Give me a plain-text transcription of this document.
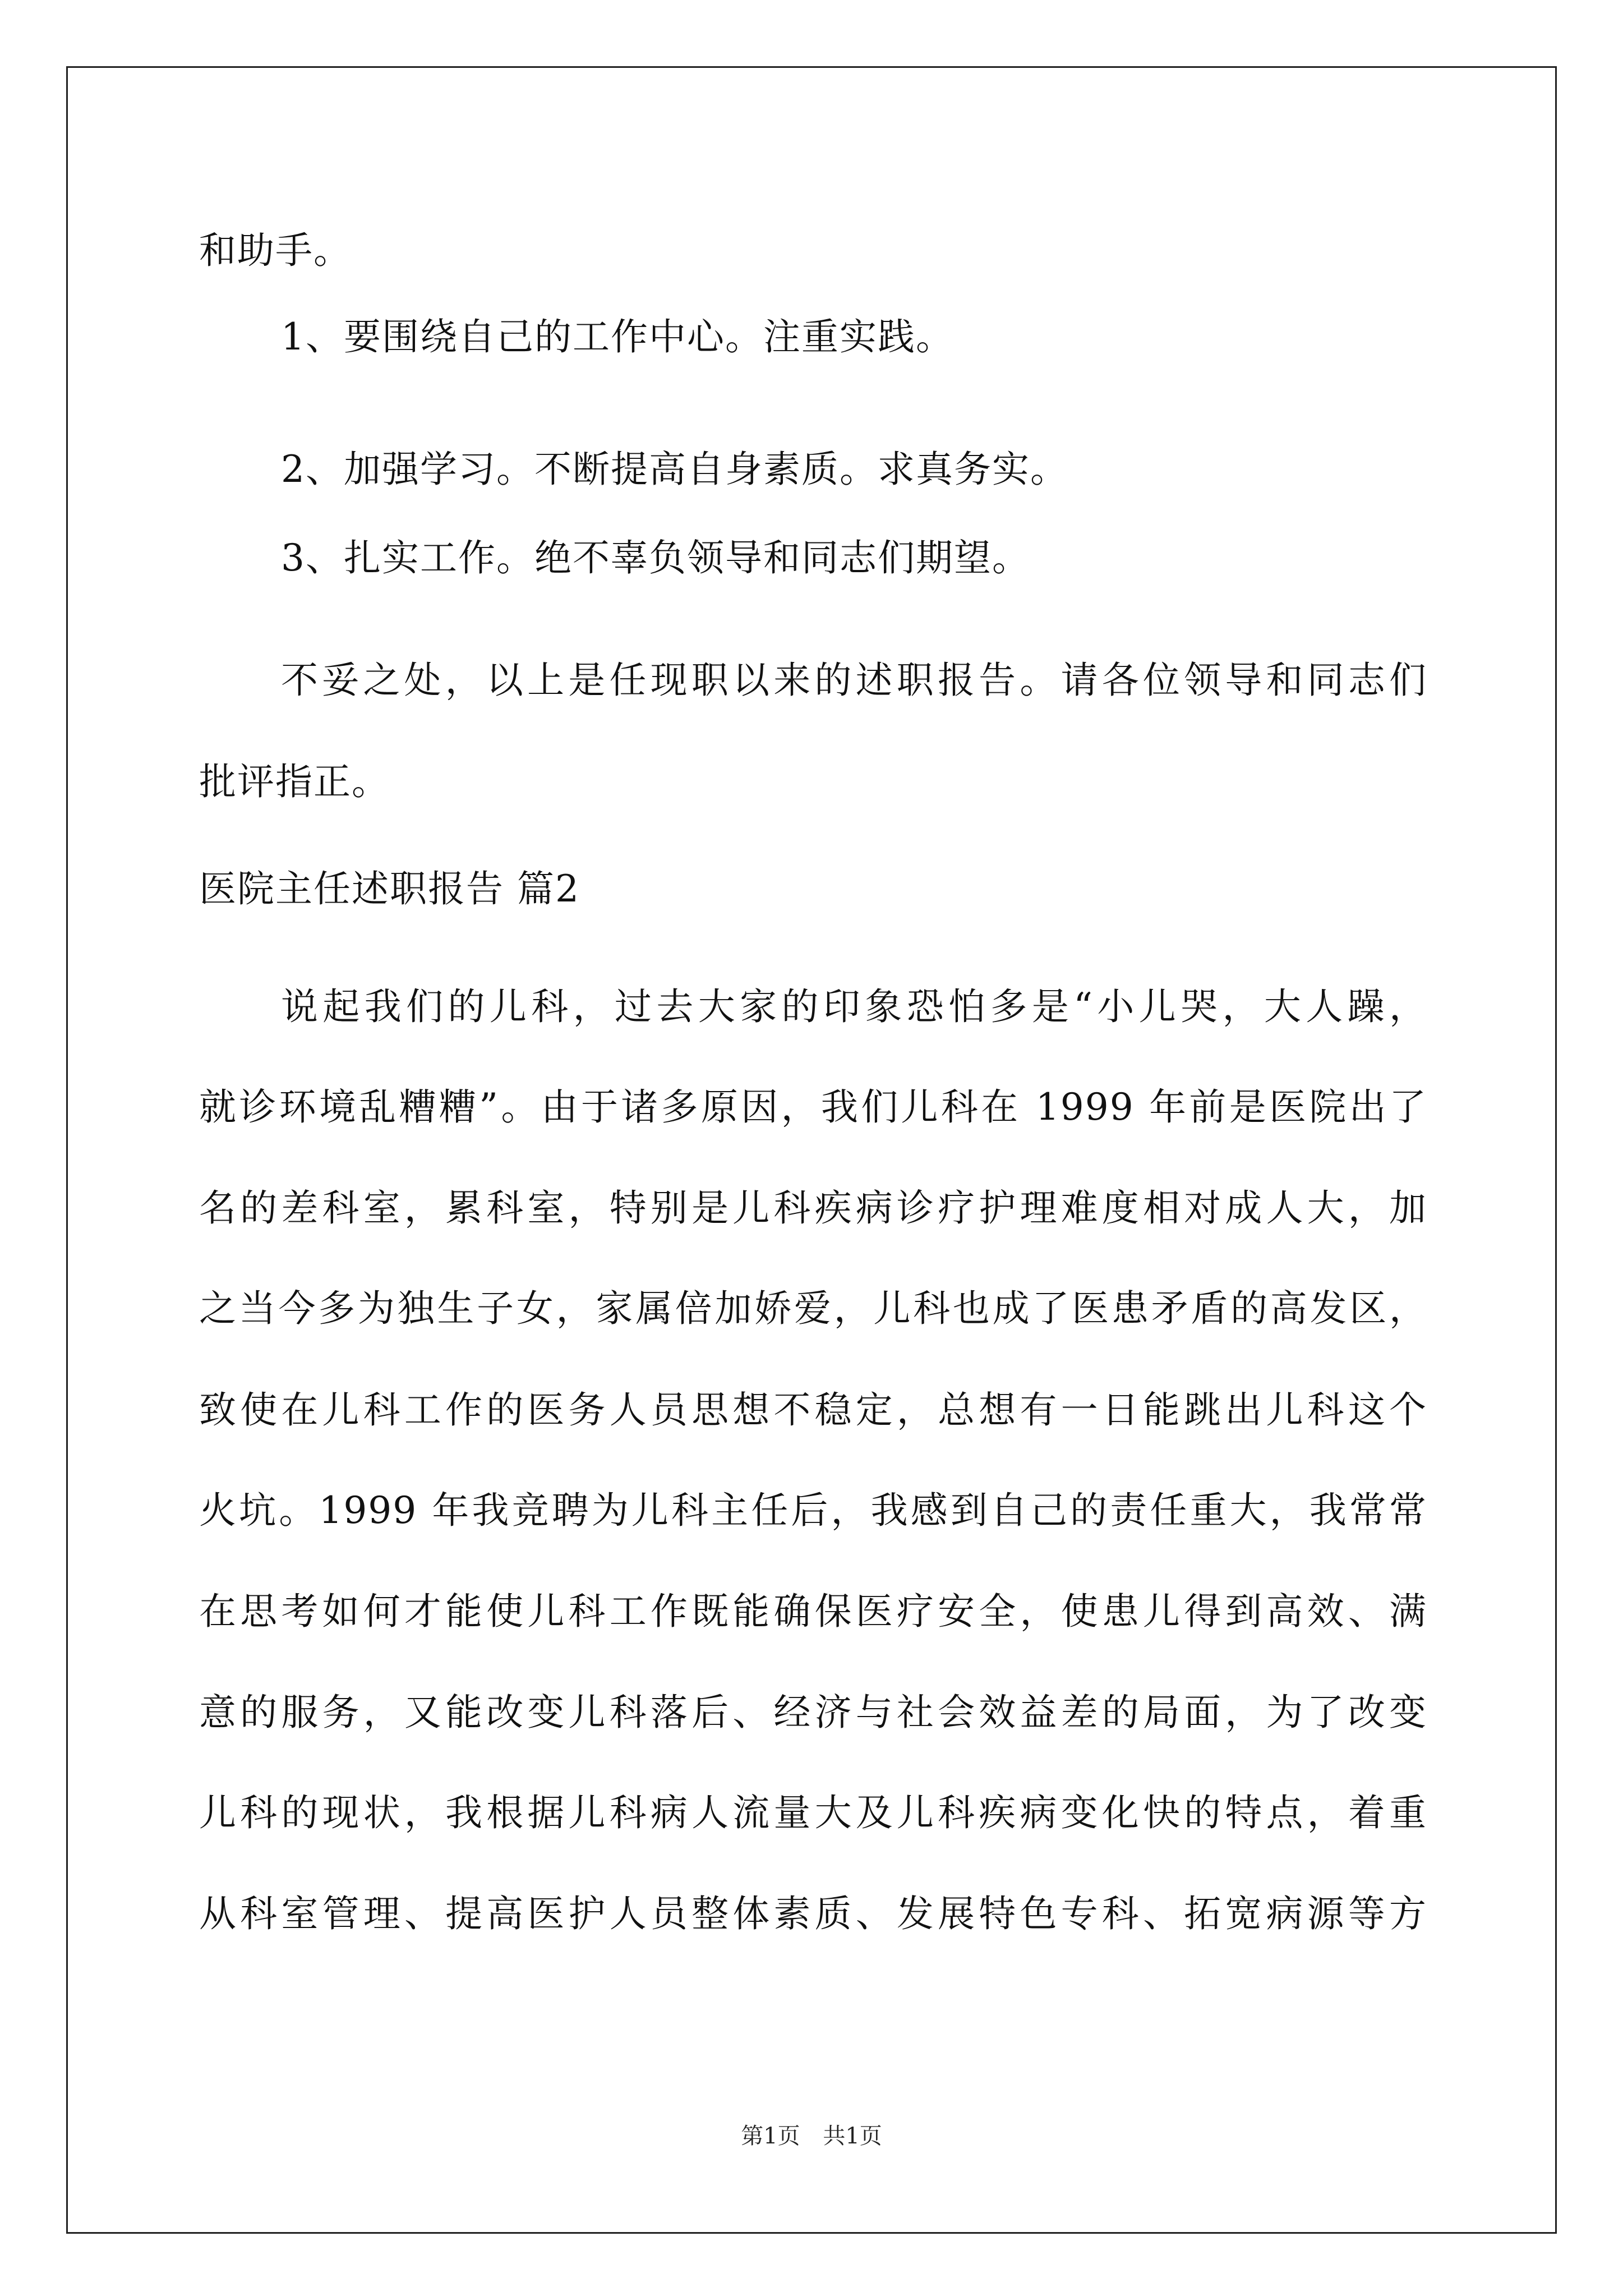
和助手。
1、要围绕自己的工作中心。注重实践。
2、加强学习。不断提高自身素质。求真务实。
3、扎实工作。绝不辜负领导和同志们期望。
不妥之处，以上是任现职以来的述职报告。请各位领导和同志们
批评指正。
医院主任述职报告 篇2
说起我们的儿科，过去大家的印象恐怕多是“小儿哭，大人躁，
就诊环境乱糟糟”。由于诸多原因，我们儿科在 1999 年前是医院出了
名的差科室，累科室，特别是儿科疾病诊疗护理难度相对成人大，加
之当今多为独生子女，家属倍加娇爱，儿科也成了医患矛盾的高发区，
致使在儿科工作的医务人员思想不稳定，总想有一日能跳出儿科这个
火坑。1999 年我竞聘为儿科主任后，我感到自己的责任重大，我常常
在思考如何才能使儿科工作既能确保医疗安全，使患儿得到高效、满
意的服务，又能改变儿科落后、经济与社会效益差的局面，为了改变
儿科的现状，我根据儿科病人流量大及儿科疾病变化快的特点，着重
从科室管理、提高医护人员整体素质、发展特色专科、拓宽病源等方
第1页 共1页
